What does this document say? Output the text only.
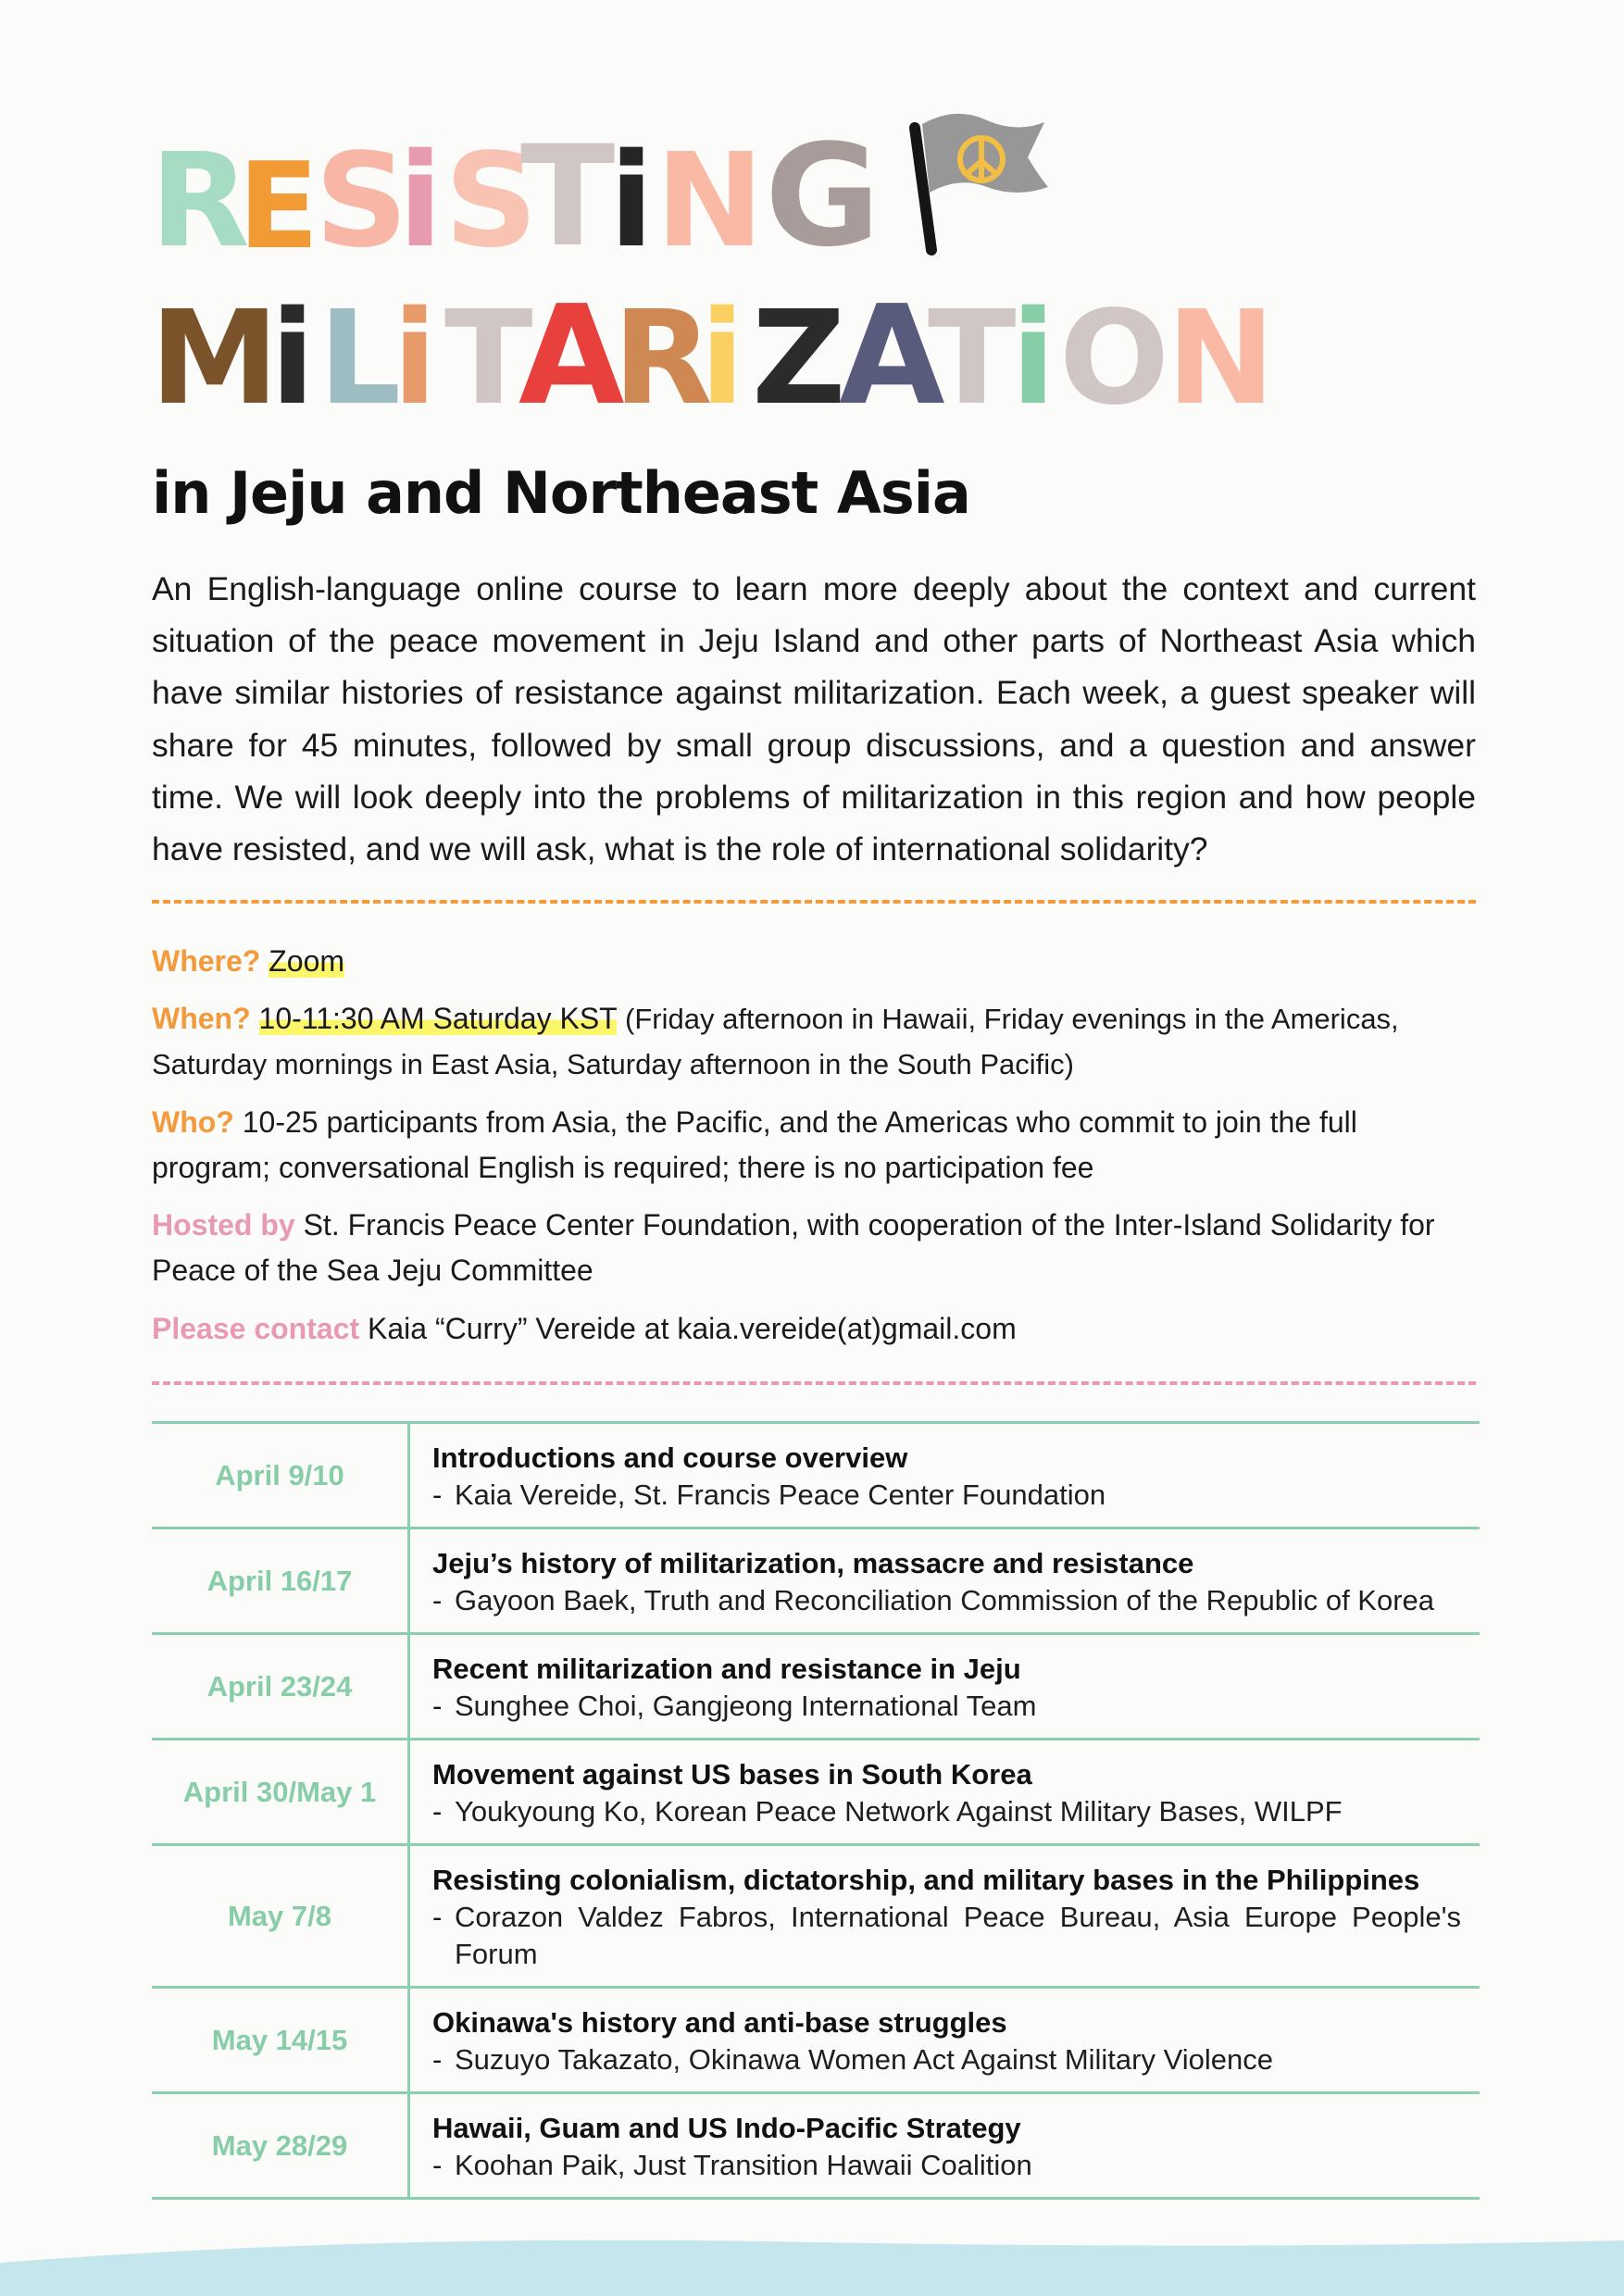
R
E
S
i S
T
i N G
M
i L
i T
A
R
i Z
A
T
i O
N
in Jeju and Northeast Asia

An English-language online course to learn more deeply about the context and current situation of the peace movement in Jeju Island and other parts of Northeast Asia which have similar histories of resistance against militarization. Each week, a guest speaker will share for 45 minutes, followed by small group discussions, and a question and answer time. We will look deeply into the problems of militarization in this region and how people have resisted, and we will ask, what is the role of international solidarity?

Where? Zoom

When? 10-11:30 AM Saturday KST (Friday afternoon in Hawaii, Friday evenings in the Americas, Saturday mornings in East Asia, Saturday afternoon in the South Pacific)

Who? 10-25 participants from Asia, the Pacific, and the Americas who commit to join the full program; conversational English is required; there is no participation fee

Hosted by St. Francis Peace Center Foundation, with cooperation of the Inter-Island Solidarity for Peace of the Sea Jeju Committee

Please contact Kaia “Curry” Vereide at kaia.vereide(at)gmail.com

April 9/10	Introductions and course overview
- Kaia Vereide, St. Francis Peace Center Foundation

April 16/17	Jeju’s history of militarization, massacre and resistance
- Gayoon Baek, Truth and Reconciliation Commission of the Republic of Korea

April 23/24	Recent militarization and resistance in Jeju
- Sunghee Choi, Gangjeong International Team

April 30/May 1	Movement against US bases in South Korea
- Youkyoung Ko, Korean Peace Network Against Military Bases, WILPF

May 7/8	Resisting colonialism, dictatorship, and military bases in the Philippines
- Corazon Valdez Fabros, International Peace Bureau, Asia Europe People's Forum

May 14/15	Okinawa's history and anti-base struggles
- Suzuyo Takazato, Okinawa Women Act Against Military Violence

May 28/29	Hawaii, Guam and US Indo-Pacific Strategy
- Koohan Paik, Just Transition Hawaii Coalition
